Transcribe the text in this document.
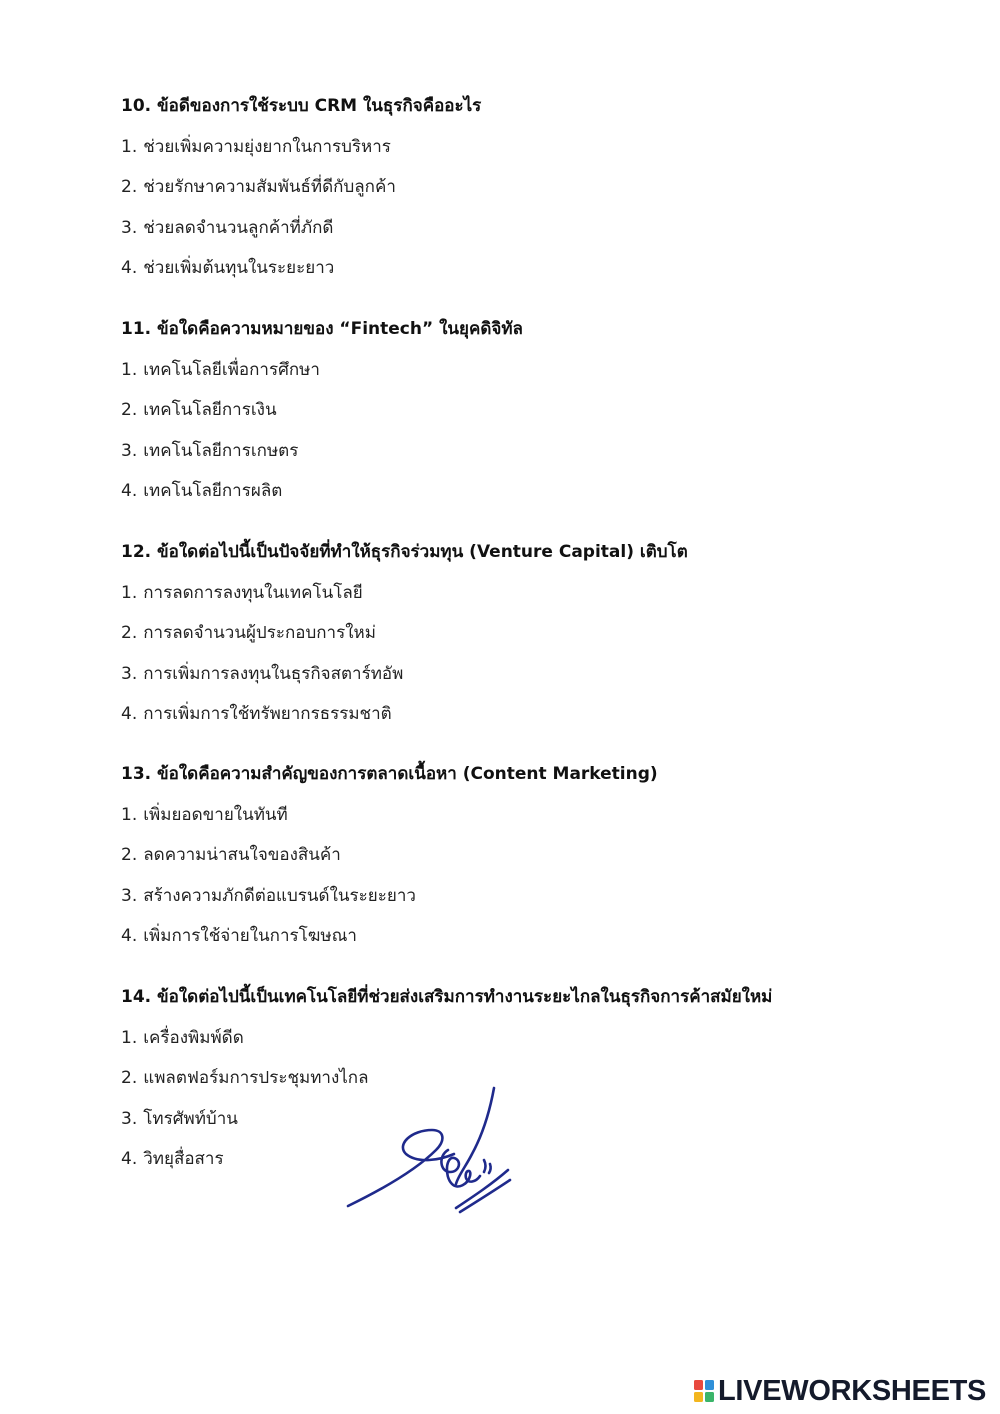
10. ข้อดีของการใช้ระบบ CRM ในธุรกิจคืออะไร
1. ช่วยเพิ่มความยุ่งยากในการบริหาร
2. ช่วยรักษาความสัมพันธ์ที่ดีกับลูกค้า
3. ช่วยลดจำนวนลูกค้าที่ภักดี
4. ช่วยเพิ่มต้นทุนในระยะยาว
11. ข้อใดคือความหมายของ “Fintech” ในยุคดิจิทัล
1. เทคโนโลยีเพื่อการศึกษา
2. เทคโนโลยีการเงิน
3. เทคโนโลยีการเกษตร
4. เทคโนโลยีการผลิต
12. ข้อใดต่อไปนี้เป็นปัจจัยที่ทำให้ธุรกิจร่วมทุน (Venture Capital) เติบโต
1. การลดการลงทุนในเทคโนโลยี
2. การลดจำนวนผู้ประกอบการใหม่
3. การเพิ่มการลงทุนในธุรกิจสตาร์ทอัพ
4. การเพิ่มการใช้ทรัพยากรธรรมชาติ
13. ข้อใดคือความสำคัญของการตลาดเนื้อหา (Content Marketing)
1. เพิ่มยอดขายในทันที
2. ลดความน่าสนใจของสินค้า
3. สร้างความภักดีต่อแบรนด์ในระยะยาว
4. เพิ่มการใช้จ่ายในการโฆษณา
14. ข้อใดต่อไปนี้เป็นเทคโนโลยีที่ช่วยส่งเสริมการทำงานระยะไกลในธุรกิจการค้าสมัยใหม่
1. เครื่องพิมพ์ดีด
2. แพลตฟอร์มการประชุมทางไกล
3. โทรศัพท์บ้าน
4. วิทยุสื่อสาร
LIVEWORKSHEETS
